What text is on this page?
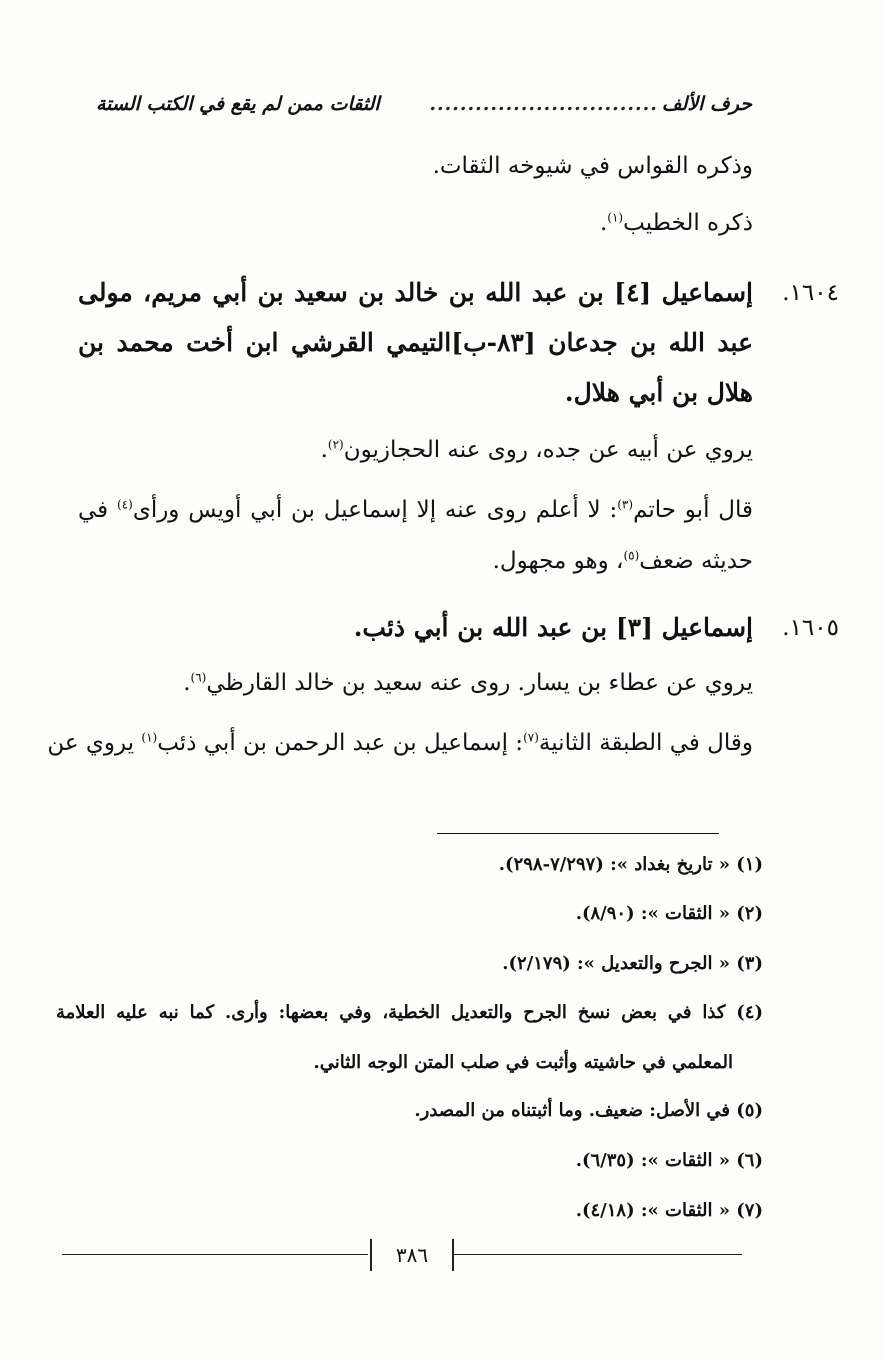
حرف الألف
..............................
الثقات ممن لم يقع في الكتب الستة
وذكره القواس في شيوخه الثقات.
ذكره الخطيب$^{(١)}$.
١٦٠٤.
إسماعيل [٤] بن عبد الله بن خالد بن سعيد بن أبي مريم، مولى عبد الله بن جدعان [٨٣-ب]التيمي القرشي ابن أخت محمد بن هلال بن أبي هلال.
يروي عن أبيه عن جده، روى عنه الحجازيون$^{(٢)}$.
قال أبو حاتم$^{(٣)}$: لا أعلم روى عنه إلا إسماعيل بن أبي أويس ورأى$^{(٤)}$ في
حديثه ضعف$^{(٥)}$، وهو مجهول.
١٦٠٥.
إسماعيل [٣] بن عبد الله بن أبي ذئب.
يروي عن عطاء بن يسار. روى عنه سعيد بن خالد القارظي$^{(٦)}$.
وقال في الطبقة الثانية$^{(٧)}$: إسماعيل بن عبد الرحمن بن أبي ذئب$^{(١)}$ يروي عن
(١) « تاريخ بغداد »: (٧/٢٩٧-٢٩٨).
(٢) « الثقات »: (٨/٩٠).
(٣) « الجرح والتعديل »: (٢/١٧٩).
(٤) كذا في بعض نسخ الجرح والتعديل الخطية، وفي بعضها: وأرى. كما نبه عليه العلامة
المعلمي في حاشيته وأثبت في صلب المتن الوجه الثاني.
(٥) في الأصل: ضعيف. وما أثبتناه من المصدر.
(٦) « الثقات »: (٦/٣٥).
(٧) « الثقات »: (٤/١٨).
٣٨٦
